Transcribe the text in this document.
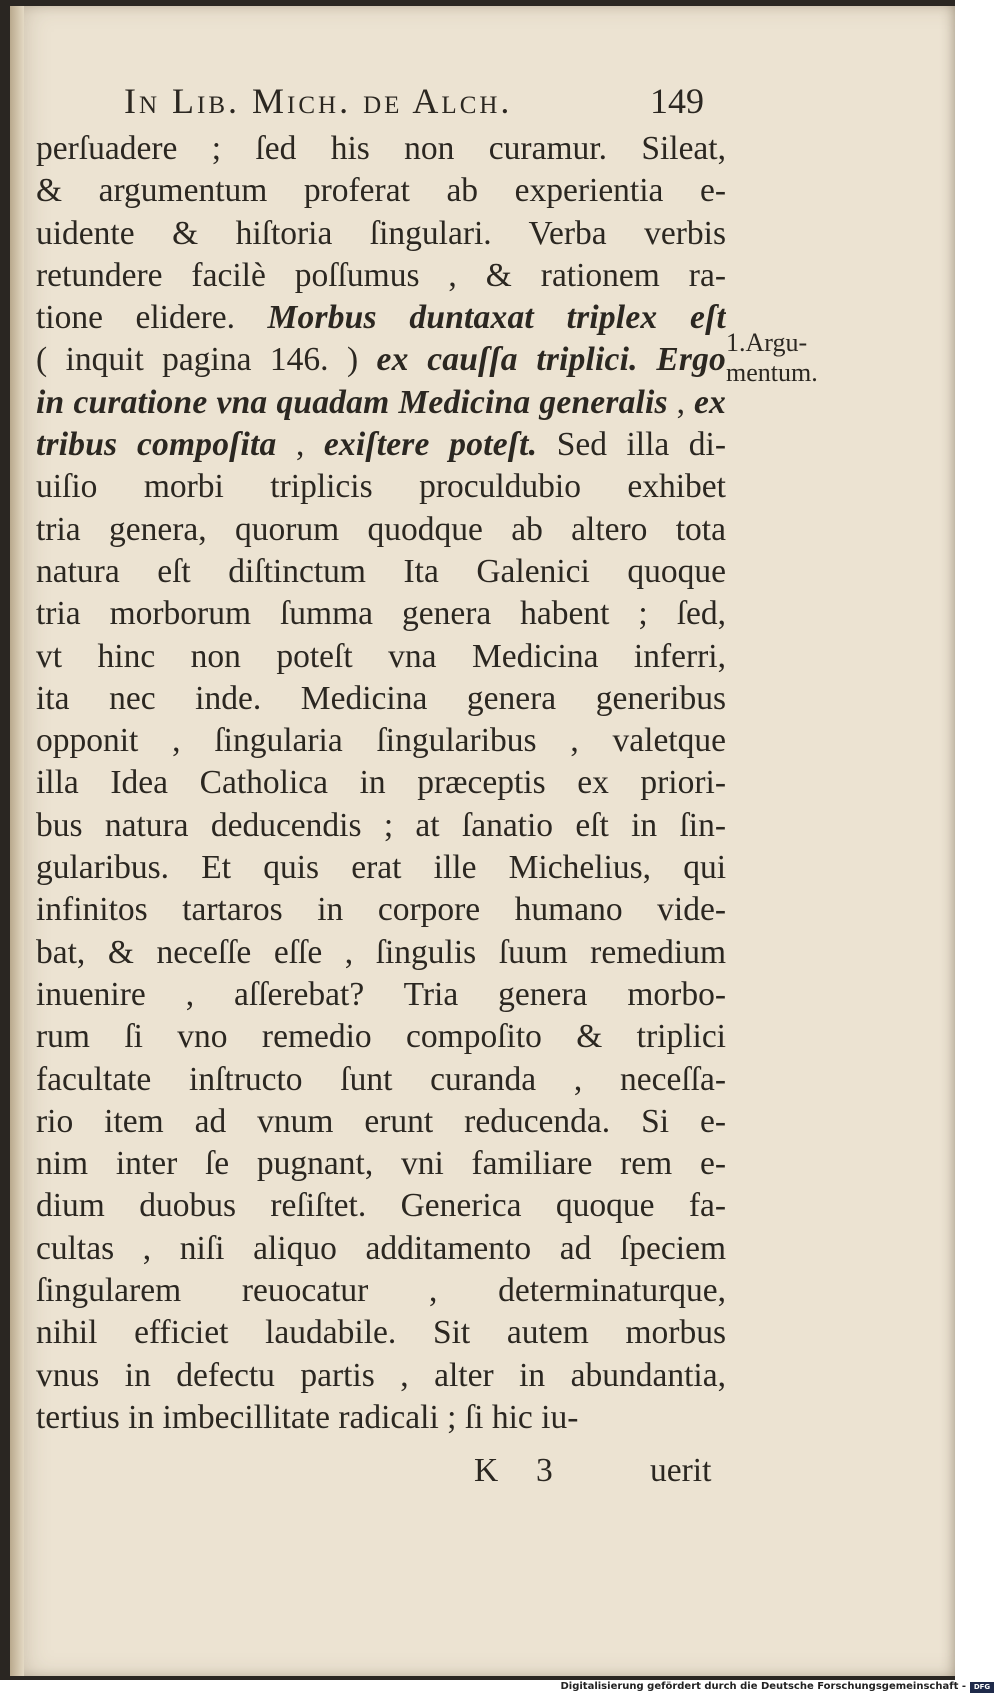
In Lib. Mich. de Alch.	149
perſuadere ; ſed his non curamur. Sileat,
& argumentum proferat ab experientia e-
uidente & hiſtoria ſingulari. Verba verbis
retundere facilè poſſumus , & rationem ra-
tione elidere. Morbus duntaxat triplex eſt
( inquit pagina 146. ) ex cauſſa triplici. Ergo
in curatione vna quadam Medicina generalis , ex
tribus compoſita , exiſtere poteſt. Sed illa di-
uiſio morbi triplicis proculdubio exhibet
tria genera, quorum quodque ab altero tota
natura eſt diſtinctum Ita Galenici quoque
tria morborum ſumma genera habent ; ſed,
vt hinc non poteſt vna Medicina inferri,
ita nec inde. Medicina genera generibus
opponit , ſingularia ſingularibus , valetque
illa Idea Catholica in præceptis ex priori-
bus natura deducendis ; at ſanatio eſt in ſin-
gularibus. Et quis erat ille Michelius, qui
infinitos tartaros in corpore humano vide-
bat, & neceſſe eſſe , ſingulis ſuum remedium
inuenire , aſſerebat? Tria genera morbo-
rum ſi vno remedio compoſito & triplici
facultate inſtructo ſunt curanda , neceſſa-
rio item ad vnum erunt reducenda. Si e-
nim inter ſe pugnant, vni familiare rem e-
dium duobus reſiſtet. Generica quoque fa-
cultas , niſi aliquo additamento ad ſpeciem
ſingularem reuocatur , determinaturque,
nihil efficiet laudabile. Sit autem morbus
vnus in defectu partis , alter in abundantia,
tertius in imbecillitate radicali ; ſi hic iu-
1.Argu-
mentum.
K 3	uerit
Digitalisierung gefördert durch die Deutsche Forschungsgemeinschaft -	DFG
